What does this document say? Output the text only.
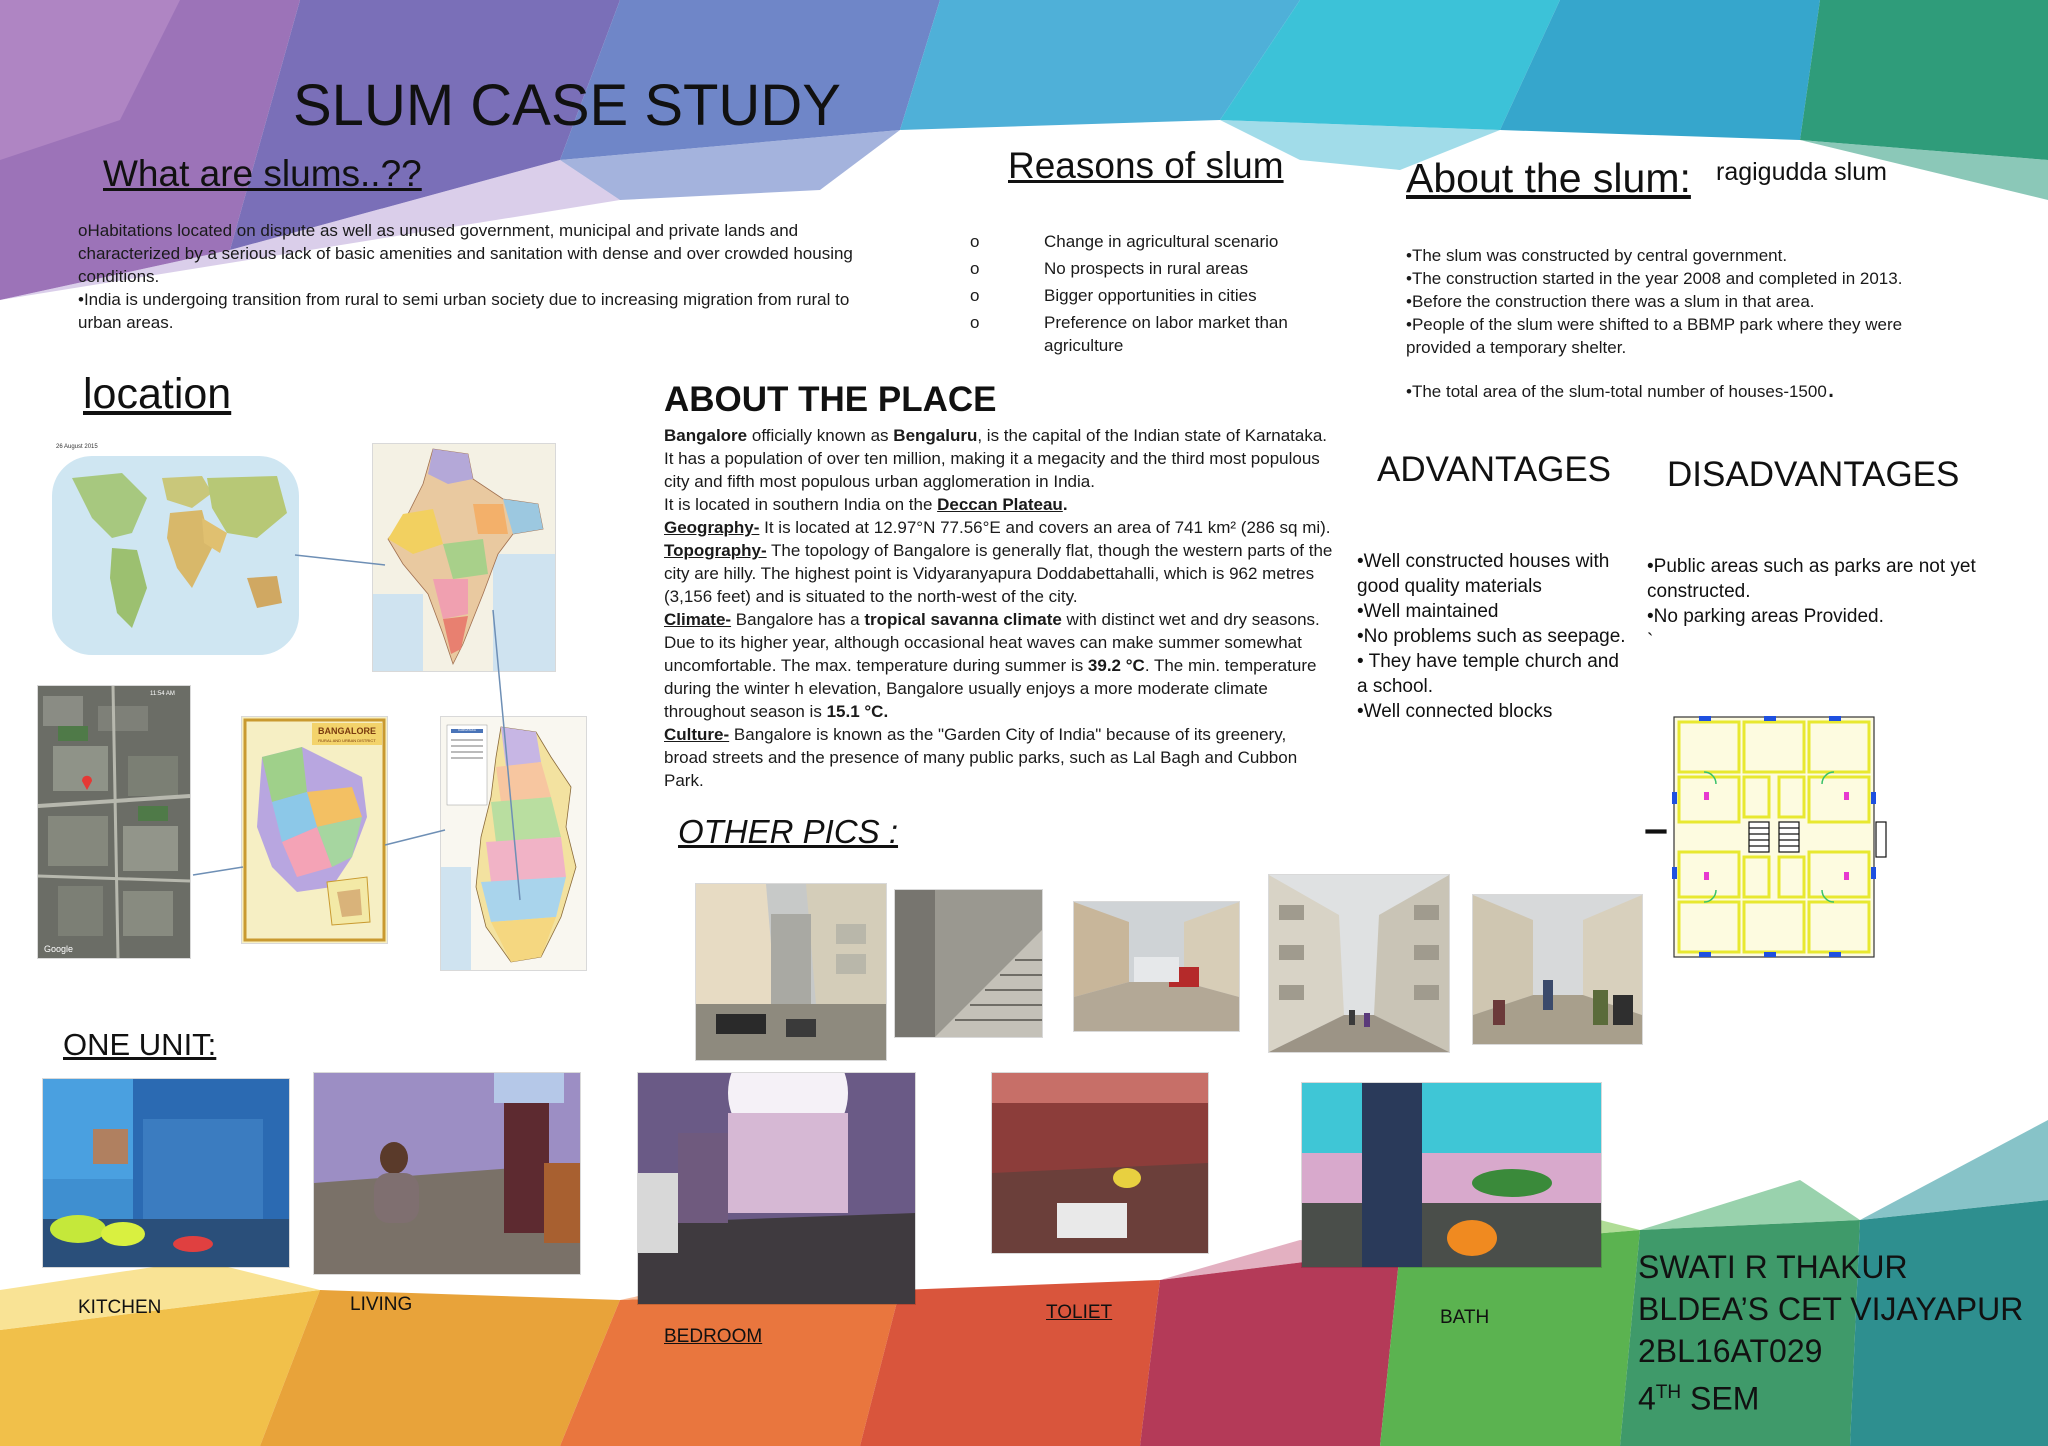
SLUM CASE STUDY
What are slums..??

oHabitations located on dispute as well as unused government, municipal and private lands and characterized by a serious lack of basic amenities and sanitation with dense and over crowded housing conditions.

•India is undergoing transition from rural to semi urban society due to increasing migration from rural to urban areas.

Reasons of slum
o	Change in agricultural scenario
o	No prospects in rural areas
o	Bigger opportunities in cities
o	Preference on labor market than agriculture
About the slum: ragigudda slum

•The slum was constructed by central government.

•The construction started in the year 2008 and completed in 2013.

•Before the construction there was a slum in that area.

•People of the slum were shifted to a BBMP park where they were provided a temporary shelter.

•The total area of the slum-total number of houses-1500.

location
26 August 2015
11:54 AM
Google
BANGALORE
RURAL AND URBAN DISTRICT
KARNATAKA
ABOUT THE PLACE

Bangalore officially known as Bengaluru, is the capital of the Indian state of Karnataka.

It has a population of over ten million, making it a megacity and the third most populous city and fifth most populous urban agglomeration in India.

It is located in southern India on the Deccan Plateau.

Geography- It is located at 12.97°N 77.56°E and covers an area of 741 km² (286 sq mi).

Topography- The topology of Bangalore is generally flat, though the western parts of the city are hilly. The highest point is Vidyaranyapura Doddabettahalli, which is 962 metres (3,156 feet) and is situated to the north-west of the city.

Climate- Bangalore has a tropical savanna climate with distinct wet and dry seasons. Due to its higher year, although occasional heat waves can make summer somewhat uncomfortable. The max. temperature during summer is 39.2 °C. The min. temperature during the winter h elevation, Bangalore usually enjoys a more moderate climate throughout season is 15.1 °C.

Culture- Bangalore is known as the "Garden City of India" because of its greenery, broad streets and the presence of many public parks, such as Lal Bagh and Cubbon Park.

ADVANTAGES

•Well constructed houses with good quality materials

•Well maintained

•No problems such as seepage.

• They have temple church and a school.

•Well connected blocks

DISADVANTAGES

•Public areas such as parks are not yet constructed.

•No parking areas Provided.

`

OTHER PICS :
ONE UNIT:
KITCHEN	LIVING
BEDROOM
TOLIET	BATH

SWATI R THAKUR

BLDEA’S CET VIJAYAPUR

2BL16AT029

4TH SEM
